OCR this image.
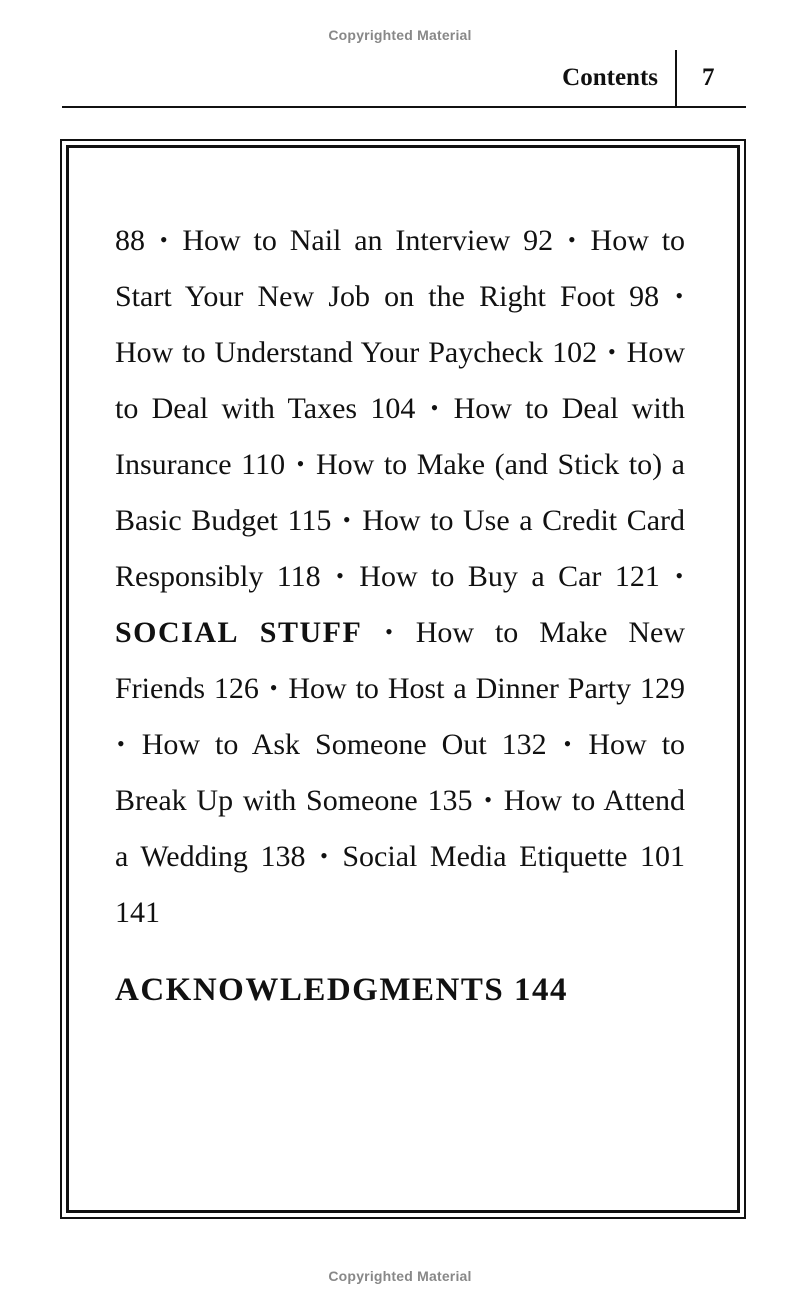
Copyrighted Material
Contents 7

88 • How to Nail an Interview 92 • How to Start Your New Job on the Right Foot 98 • How to Understand Your Paycheck 102 • How to Deal with Taxes 104 • How to Deal with Insurance 110 • How to Make (and Stick to) a Basic Budget 115 • How to Use a Credit Card Responsibly 118 • How to Buy a Car 121 • SOCIAL STUFF • How to Make New Friends 126 • How to Host a Dinner Party 129 • How to Ask Someone Out 132 • How to Break Up with Someone 135 • How to Attend a Wedding 138 • Social Media Etiquette 101 141

ACKNOWLEDGMENTS 144

Copyrighted Material
